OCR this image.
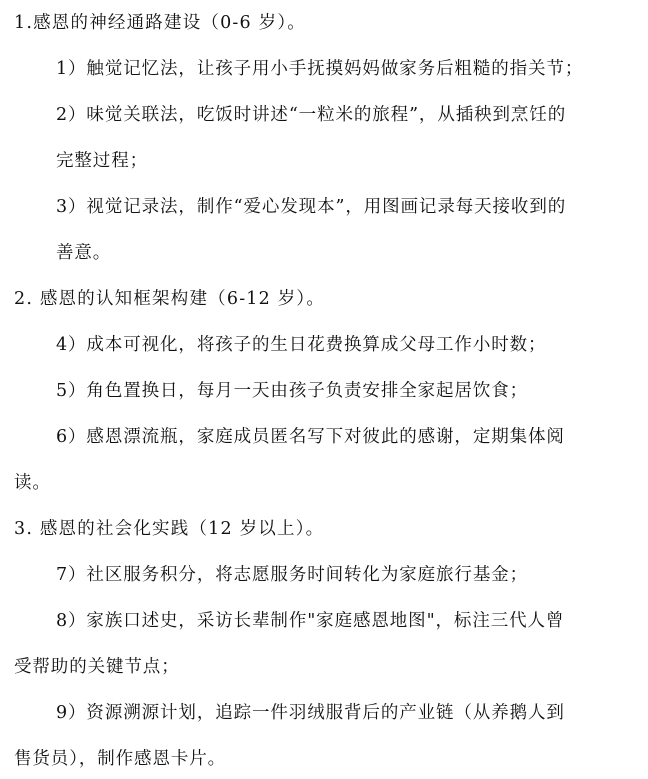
1.感恩的神经通路建设（0-6 岁）。
1）触觉记忆法，让孩子用小手抚摸妈妈做家务后粗糙的指关节；
2）味觉关联法，吃饭时讲述“一粒米的旅程”，从插秧到烹饪的
完整过程；
3）视觉记录法，制作“爱心发现本”，用图画记录每天接收到的
善意。
2. 感恩的认知框架构建（6-12 岁）。
4）成本可视化，将孩子的生日花费换算成父母工作小时数；
5）角色置换日，每月一天由孩子负责安排全家起居饮食；
6）感恩漂流瓶，家庭成员匿名写下对彼此的感谢，定期集体阅
读。
3. 感恩的社会化实践（12 岁以上）。
7）社区服务积分，将志愿服务时间转化为家庭旅行基金；
8）家族口述史，采访长辈制作"家庭感恩地图"，标注三代人曾
受帮助的关键节点；
9）资源溯源计划，追踪一件羽绒服背后的产业链（从养鹅人到
售货员），制作感恩卡片。
